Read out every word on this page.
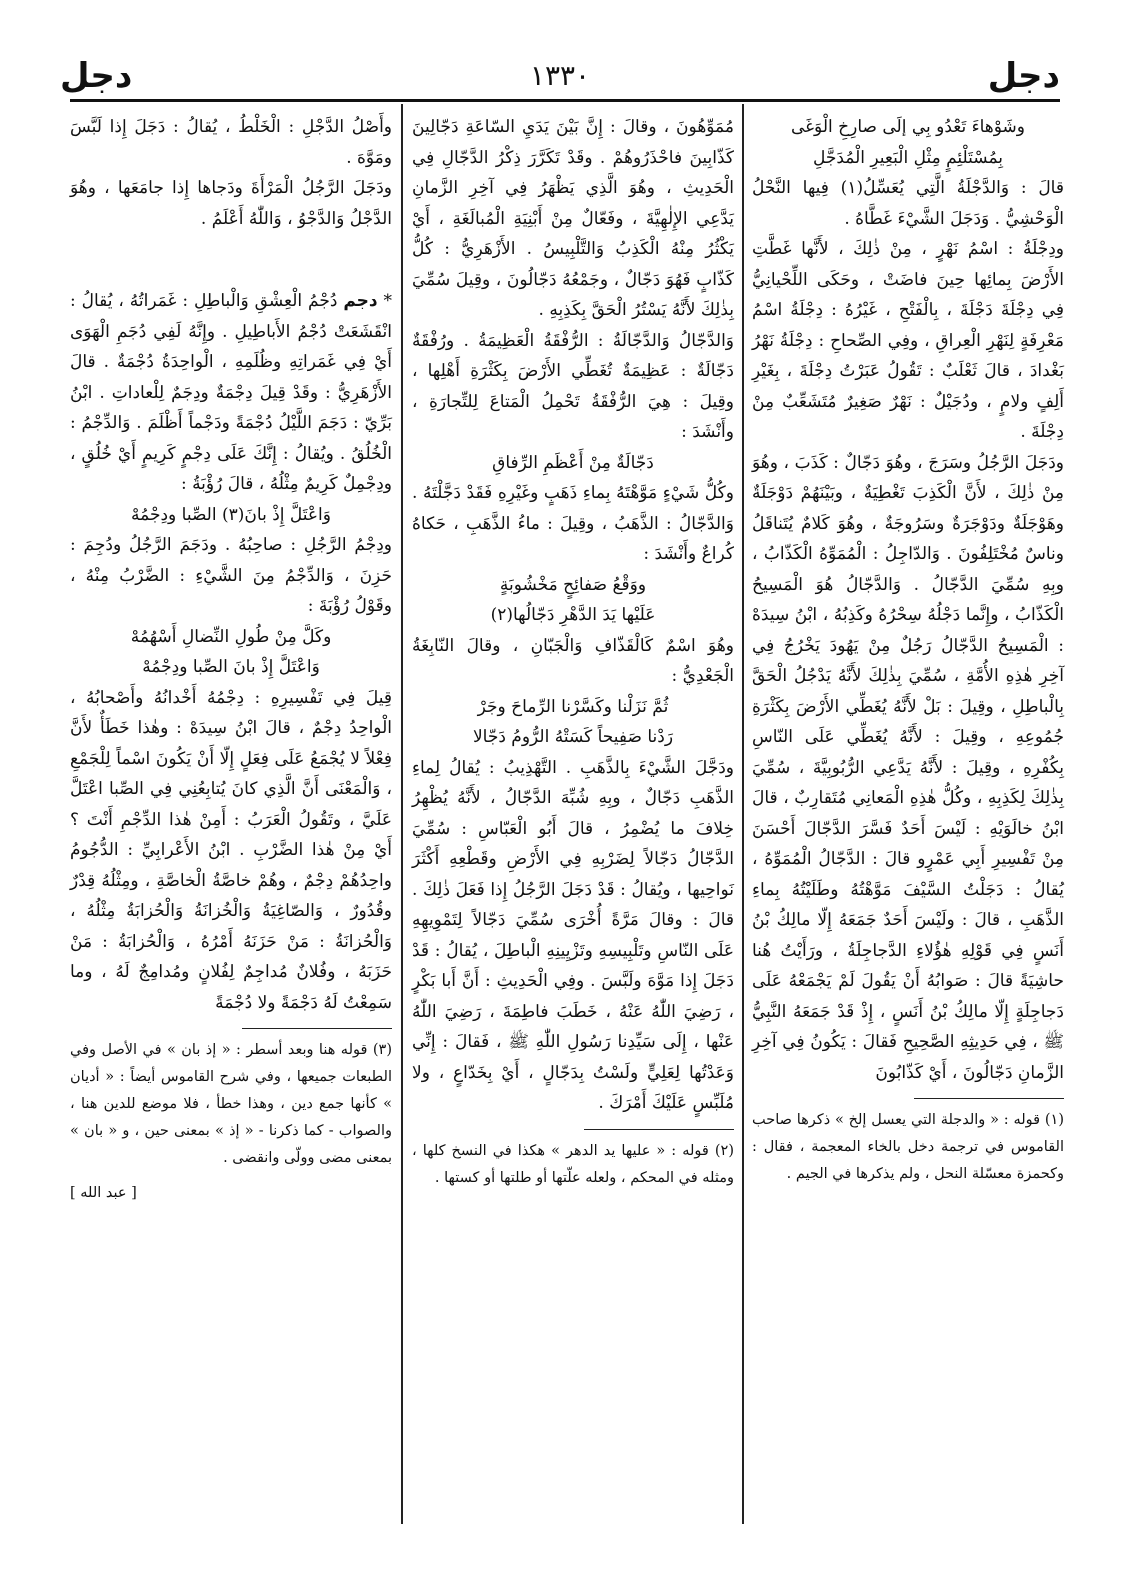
دجل
١٣٣٠
دجل

وشَوْهاءَ تَعْدُو بِي إلَى صارِخِ الْوَغَى

بِمُسْتَلْئِمٍ مِثْلِ الْبَعِيرِ الْمُدَجَّلِ

قالَ : وَالدَّجْلَةُ الَّتِي يُعَسِّلُ(١) فِيها النَّحْلُ الْوَحْشِيُّ . وَدَجَلَ الشَّيْءَ غَطَّاهُ .

ودِجْلَةُ : اسْمُ نَهْرٍ ، مِنْ ذٰلِكَ ، لأَنَّها غَطَّتِ الأَرْضَ بِمائِها حِينَ فاضَتْ ، وحَكَى اللِّحْيانِيُّ فِي دِجْلَةَ دَجْلَةَ ، بِالْفَتْحِ ، غَيْرُهُ : دِجْلَةُ اسْمُ مَعْرِفَةٍ لِنَهْرِ الْعِراقِ ، وفِي الصِّحاحِ : دِجْلَةُ نَهْرُ بَغْدادَ ، قالَ ثَعْلَبٌ : تَقُولُ عَبَرْتُ دِجْلَةَ ، بِغَيْرِ أَلِفٍ ولامٍ ، ودُجَيْلٌ : نَهْرٌ صَغِيرٌ مُتَشَعِّبٌ مِنْ دِجْلَةَ .

ودَجَلَ الرَّجُلُ وسَرَجَ ، وهُوَ دَجّالٌ : كَذَبَ ، وهُوَ مِنْ ذٰلِكَ ، لأَنَّ الْكَذِبَ تَغْطِيَةٌ ، وبَيْنَهُمْ دَوْجَلَةٌ وهَوْجَلَةٌ ودَوْجَرَةٌ وسَرُوجَةٌ ، وهُوَ كَلامٌ يُتَناقَلُ وناسٌ مُخْتَلِفُونَ . وَالدّاجِلُ : الْمُمَوِّهُ الْكَذّابُ ، وبِهِ سُمِّيَ الدَّجّالُ . وَالدَّجّالُ هُوَ الْمَسِيحُ الْكَذّابُ ، وإِنَّما دَجْلُهُ سِحْرُهُ وكَذِبُهُ ، ابْنُ سِيدَهْ : الْمَسِيحُ الدَّجّالُ رَجُلٌ مِنْ يَهُودَ يَخْرُجُ فِي آخِرِ هٰذِهِ الأُمَّةِ ، سُمِّيَ بِذٰلِكَ لأَنَّهُ يَدْجُلُ الْحَقَّ بِالْباطِلِ ، وقِيلَ : بَلْ لأَنَّهُ يُغَطِّي الأَرْضَ بِكَثْرَةِ جُمُوعِهِ ، وقِيلَ : لأَنَّهُ يُغَطِّي عَلَى النّاسِ بِكُفْرِهِ ، وقِيلَ : لأَنَّهُ يَدَّعِي الرُّبُوبِيَّةَ ، سُمِّيَ بِذٰلِكَ لِكَذِبِهِ ، وكُلُّ هٰذِهِ الْمَعانِي مُتَقارِبٌ ، قالَ ابْنُ خالَوَيْهِ : لَيْسَ أَحَدٌ فَسَّرَ الدَّجّالَ أَحْسَنَ مِنْ تَفْسِيرِ أَبِي عَمْرٍو قالَ : الدَّجّالُ الْمُمَوِّهُ ، يُقالُ : دَجَلْتُ السَّيْفَ مَوَّهْتُهُ وطَلَيْتُهُ بِماءِ الذَّهَبِ ، قالَ : ولَيْسَ أَحَدٌ جَمَعَهُ إِلّا مالِكُ بْنُ أَنَسٍ فِي قَوْلِهِ هٰؤُلاءِ الدَّجاجِلَةُ ، ورَأَيْتُ هُنا حاشِيَةً قالَ : صَوابُهُ أَنْ يَقُولَ لَمْ يَجْمَعْهُ عَلَى دَجاجِلَةٍ إِلّا مالِكُ بْنُ أَنَسٍ ، إِذْ قَدْ جَمَعَهُ النَّبِيُّ ﷺ ، فِي حَدِيثِهِ الصَّحِيحِ فَقالَ : يَكُونُ فِي آخِرِ الزَّمانِ دَجّالُونَ ، أَيْ كَذّابُونَ

(١) قوله : « والدجلة التي يعسل إلخ » ذكرها صاحب القاموس في ترجمة دخل بالخاء المعجمة ، فقال : وكحمزة معسّلة النحل ، ولم يذكرها في الجيم .

مُمَوِّهُونَ ، وقالَ : إِنَّ بَيْنَ يَدَيِ السّاعَةِ دَجّالِينَ كَذّابِينَ فاحْذَرُوهُمْ . وقَدْ تَكَرَّرَ ذِكْرُ الدَّجّالِ فِي الْحَدِيثِ ، وهُوَ الَّذِي يَظْهَرُ فِي آخِرِ الزَّمانِ يَدَّعِي الإِلٰهِيَّةَ ، وفَعّالٌ مِنْ أَبْنِيَةِ الْمُبالَغَةِ ، أَيْ يَكْثُرُ مِنْهُ الْكَذِبُ وَالتَّلْبِيسُ . الأَزْهَرِيُّ : كُلُّ كَذّابٍ فَهُوَ دَجّالٌ ، وجَمْعُهُ دَجّالُونَ ، وقِيلَ سُمِّيَ بِذٰلِكَ لأَنَّهُ يَسْتُرُ الْحَقَّ بِكَذِبِهِ .

وَالدَّجّالُ وَالدَّجّالَةُ : الرُّفْقَةُ الْعَظِيمَةُ . ورُفْقَةٌ دَجّالَةٌ : عَظِيمَةٌ تُغَطِّي الأَرْضَ بِكَثْرَةِ أَهْلِها ، وقِيلَ : هِيَ الرُّفْقَةُ تَحْمِلُ الْمَتاعَ لِلتِّجارَةِ ، وأَنْشَدَ :

دَجّالَةٌ مِنْ أَعْظَمِ الرِّفاقِ

وكُلُّ شَيْءٍ مَوَّهْتَهُ بِماءِ ذَهَبٍ وغَيْرِهِ فَقَدْ دَجَّلْتَهُ . وَالدَّجّالُ : الذَّهَبُ ، وقِيلَ : ماءُ الذَّهَبِ ، حَكاهُ كُراعٌ وأَنْشَدَ :

ووَقْعُ صَفائِحٍ مَخْشُوبَةٍ

عَلَيْها يَدَ الدَّهْرِ دَجّالُها(٢)

وهُوَ اسْمٌ كَالْقَذّافِ وَالْجَبّانِ ، وقالَ النّابِغَةُ الْجَعْدِيُّ :

ثُمَّ نَزَلْنا وكَسَّرْنا الرِّماحَ وجَرْ

رَدْنا صَفِيحاً كَسَتْهُ الرُّومُ دَجّالا

ودَجَّلَ الشَّيْءَ بِالذَّهَبِ . التَّهْذِيبُ : يُقالُ لِماءِ الذَّهَبِ دَجّالٌ ، وبِهِ شُبِّهَ الدَّجّالُ ، لأَنَّهُ يُظْهِرُ خِلافَ ما يُضْمِرُ ، قالَ أَبُو الْعَبّاسِ : سُمِّيَ الدَّجّالُ دَجّالاً لِضَرْبِهِ فِي الأَرْضِ وقَطْعِهِ أَكْثَرَ نَواحِيها ، ويُقالُ : قَدْ دَجَلَ الرَّجُلُ إِذا فَعَلَ ذٰلِكَ . قالَ : وقالَ مَرَّةً أُخْرَى سُمِّيَ دَجّالاً لِتَمْوِيهِهِ عَلَى النّاسِ وتَلْبِيسِهِ وتَزْيِينِهِ الْباطِلَ ، يُقالُ : قَدْ دَجَلَ إِذا مَوَّهَ ولَبَّسَ . وفِي الْحَدِيثِ : أَنَّ أَبا بَكْرٍ ، رَضِيَ اللّٰهُ عَنْهُ ، خَطَبَ فاطِمَةَ ، رَضِيَ اللّٰهُ عَنْها ، إِلَى سَيِّدِنا رَسُولِ اللّٰهِ ﷺ ، فَقالَ : إِنِّي وَعَدْتُها لِعَلِيٍّ ولَسْتُ بِدَجّالٍ ، أَيْ بِخَدّاعٍ ، ولا مُلَبِّسٍ عَلَيْكَ أَمْرَكَ .

(٢) قوله : « عليها يد الدهر » هكذا في النسخ كلها ، ومثله في المحكم ، ولعله علّتها أو طلتها أو كستها .

وأَصْلُ الدَّجْلِ : الْخَلْطُ ، يُقالُ : دَجَلَ إِذا لَبَّسَ ومَوَّهَ .

ودَجَلَ الرَّجُلُ الْمَرْأَةَ ودَجاها إِذا جامَعَها ، وهُوَ الدَّجْلُ وَالدَّجْوُ ، وَاللّٰهُ أَعْلَمُ .

* دجم دُجْمُ الْعِشْقِ وَالْباطِلِ : غَمَراتُهُ ، يُقالُ : انْقَشَعَتْ دُجْمُ الأَباطِيلِ . وإِنَّهُ لَفِي دُجَمِ الْهَوَى أَيْ فِي غَمَراتِهِ وظُلَمِهِ ، الْواحِدَةُ دُجْمَةٌ . قالَ الأَزْهَرِيُّ : وقَدْ قِيلَ دِجْمَةٌ ودِجَمٌ لِلْعاداتِ . ابْنُ بَرِّيّ : دَجَمَ اللَّيْلُ دُجْمَةً ودَجْماً أَظْلَمَ . وَالدِّجْمُ : الْخُلُقُ . ويُقالُ : إِنَّكَ عَلَى دِجْمٍ كَرِيمٍ أَيْ خُلُقٍ ، ودِجْمِلٌ كَرِيمٌ مِثْلُهُ ، قالَ رُؤْبَةُ :

وَاعْتَلَّ إِذْ بانَ(٣) الصِّبا ودِجْمُهْ

ودِجْمُ الرَّجُلِ : صاحِبُهُ . ودَجَمَ الرَّجُلُ ودُجِمَ : حَزِنَ ، وَالدِّجْمُ مِنَ الشَّيْءِ : الضَّرْبُ مِنْهُ ، وقَوْلُ رُؤْبَةَ :

وكَلَّ مِنْ طُولِ النِّضالِ أَسْهُمُهْ

وَاعْتَلَّ إِذْ بانَ الصِّبا ودِجْمُهْ

قِيلَ فِي تَفْسِيرِهِ : دِجْمُهُ أَخْدانُهُ وأَصْحابُهُ ، الْواحِدُ دِجْمٌ ، قالَ ابْنُ سِيدَهْ : وهٰذا خَطَأٌ لأَنَّ فِعْلاً لا يُجْمَعُ عَلَى فِعَلٍ إِلّا أَنْ يَكُونَ اسْماً لِلْجَمْعِ ، وَالْمَعْنَى أَنَّ الَّذِي كانَ يُتابِعُنِي فِي الصِّبا اعْتَلَّ عَلَيَّ ، وتَقُولُ الْعَرَبُ : أَمِنْ هٰذا الدِّجْمِ أَنْتَ ؟ أَيْ مِنْ هٰذا الضَّرْبِ . ابْنُ الأَعْرابِيِّ : الدُّجُومُ واحِدُهُمْ دِجْمٌ ، وهُمْ خاصَّةُ الْخاصَّةِ ، ومِثْلُهُ قِدْرٌ وقُدُورٌ ، وَالصّاغِيَةُ وَالْخُزانَةُ وَالْحُزابَةُ مِثْلُهُ ، وَالْحُزانَةُ : مَنْ حَزَنَهُ أَمْرُهُ ، وَالْحُزابَةُ : مَنْ حَزَبَهُ ، وفُلانٌ مُداجِمٌ لِفُلانٍ ومُدامِجٌ لَهُ ، وما سَمِعْتُ لَهُ دَجْمَةً ولا دُجْمَةً

(٣) قوله هنا وبعد أسطر : « إذ بان » في الأصل وفي الطبعات جميعها ، وفي شرح القاموس أيضاً : « أديان » كأنها جمع دين ، وهذا خطأ ، فلا موضع للدين هنا ، والصواب - كما ذكرنا - « إذ » بمعنى حين ، و « بان » بمعنى مضى وولّى وانقضى .

[ عبد الله ]
